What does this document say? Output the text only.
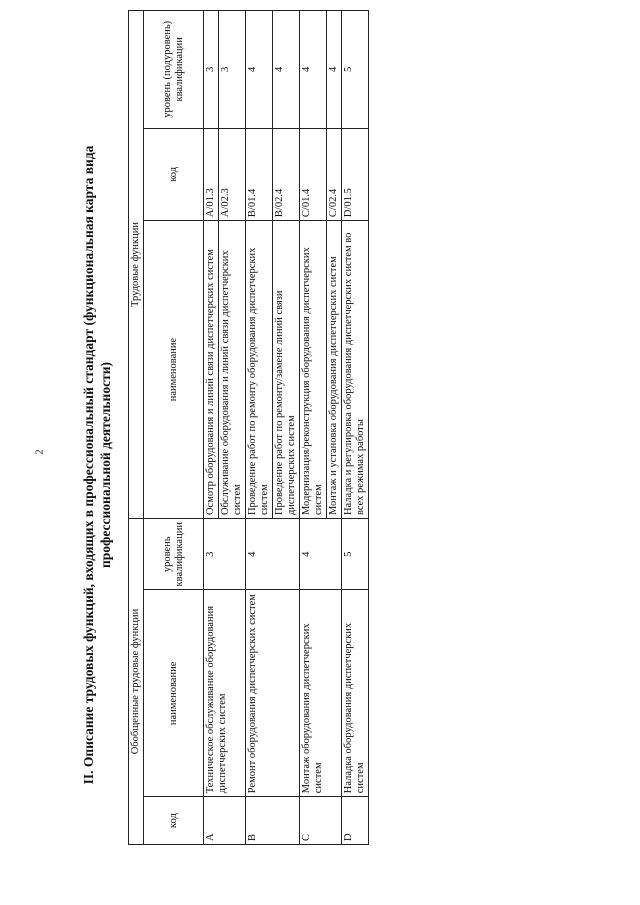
2	II. Описание трудовых функций, входящих в профессиональный стандарт (функциональная карта вида профессиональной деятельности)
Обобщенные трудовые функции			Трудовые функции		
код	наименование	уровень квалификации	наименование	код	уровень (подуровень) квалификации
A	Техническое обслуживание оборудования диспетчерских систем	3	Осмотр оборудования и линий связи диспетчерских систем	A/01.3	3
			Обслуживание оборудования и линий связи диспетчерских систем	A/02.3	3
B	Ремонт оборудования диспетчерских систем	4	Проведение работ по ремонту оборудования диспетчерских систем	B/01.4	4
			Проведение работ по ремонту/замене линий связи диспетчерских систем	B/02.4	4
C	Монтаж оборудования диспетчерских систем	4	Модернизация/реконструкция оборудования диспетчерских систем	C/01.4	4
			Монтаж и установка оборудования диспетчерских систем	C/02.4	4
D	Наладка оборудования диспетчерских систем	5	Наладка и регулировка оборудования диспетчерских систем во всех режимах работы	D/01.5	5
